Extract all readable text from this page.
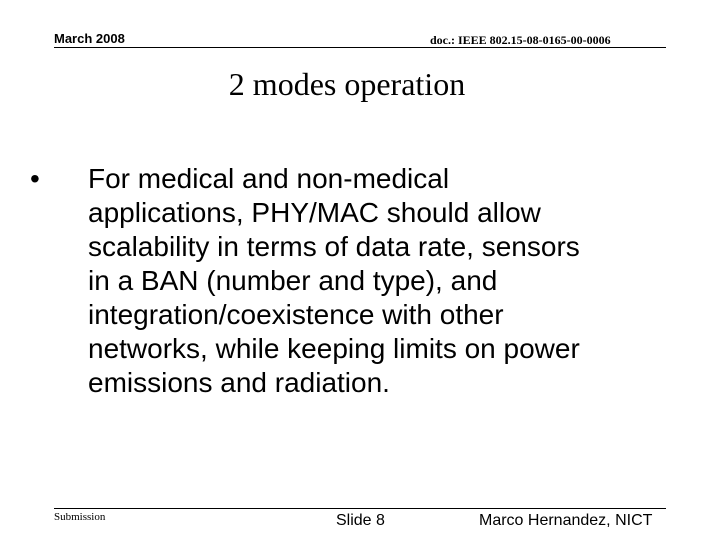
March 2008	doc.: IEEE 802.15-08-0165-00-0006
2 modes operation
• For medical and non-medical
applications, PHY/MAC should allow
scalability in terms of data rate, sensors
in a BAN (number and type), and
integration/coexistence with other
networks, while keeping limits on power
emissions and radiation.
Submission	Slide 8	Marco Hernandez, NICT
